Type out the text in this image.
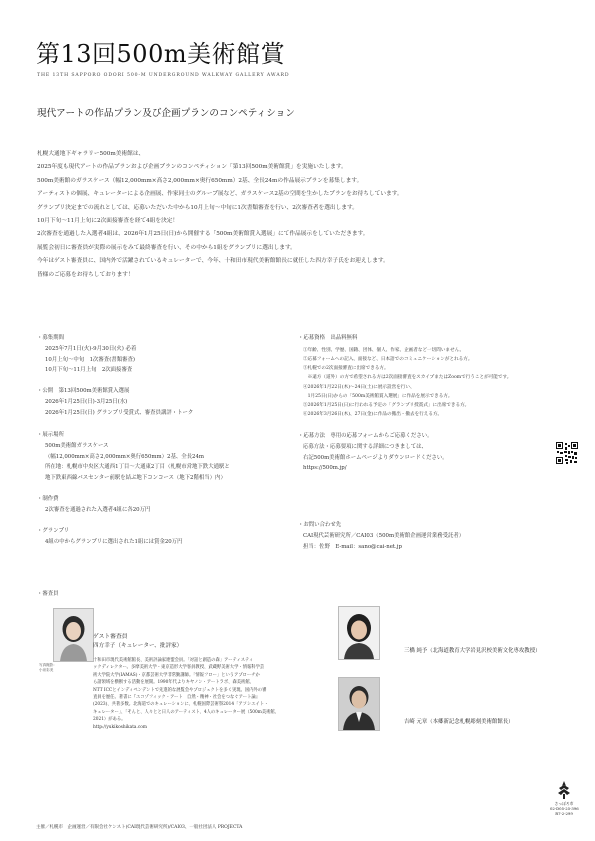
第13回500m美術館賞
THE 13TH SAPPORO ODORI 500-M UNDERGROUND WALKWAY GALLERY AWARD
現代アートの作品プラン及び企画プランのコンペティション

札幌大通地下ギャラリー500m美術館は、

2025年度も現代アートの作品プランおよび企画プランのコンペティション「第13回500m美術館賞」を実施いたします。

500m美術館のガラスケース（幅12,000mm×高さ2,000mm×奥行650mm）2基、全長24mの作品展示プランを募集します。

アーティストの個展、キュレーターによる企画展、作家同士のグループ展など、ガラスケース2基の空間を生かしたプランをお待ちしています。

グランプリ決定までの流れとしては、応募いただいた中から10月上旬〜中旬に1次書類審査を行い、2次審査者を選出します。

10月下旬〜11月上旬に2次面接審査を経て4組を決定！

2次審査を通過した入選者4組は、2026年1月25日(日)から開催する「500m美術館賞入選展」にて作品展示をしていただきます。

展覧会初日に審査員が実際の展示をみて最終審査を行い、その中から1組をグランプリに選出します。

今年はゲスト審査員に、国内外で活躍されているキュレーターで、今年、十和田市現代美術館館長に就任した四方幸子氏をお迎えします。

皆様のご応募をお待ちしております！

・募集期間

2025年7月1日(火)-9月30日(火) 必着

10月上旬〜中旬　1次審査(書類審査)

10月下旬〜11月上旬　2次面接審査

・公開　第13回500m美術館賞入選展

2026年1月25日(日)-3月25日(水)

2026年1月25日(日) グランプリ受賞式、審査員講評・トーク

・展示場所

500m美術館ガラスケース

（幅12,000mm×高さ2,000mm×奥行650mm）2基、全長24m

所在地：札幌市中央区大通西1丁目〜大通東2丁目（札幌市営地下鉄大通駅と

地下鉄東西線バスセンター前駅を結ぶ地下コンコース（地下2階相当）内）

・制作費

2次審査を通過された入選者4組に各20万円

・グランプリ

4組の中からグランプリに選出された1組には賞金20万円

・応募資格　出品料無料

①年齢、性別、学歴、国籍、団体、個人、作家、企画者など一切問いません。

②応募フォームへの記入、面接など、日本語でのコミュニケーションがとれる方。

③札幌での2次面接審査に出席できる方。

　※遠方（道外）の方で希望される方は2次面接審査をスカイプまたはZoomで行うことが可能です。

④2026年1月22日(木)〜24日(土)に展示設営を行い、

　1月25日(日)からの「500m美術館賞入選展」に作品を展示できる方。

⑤2026年1月25日(日)に行われる予定の「グランプリ授賞式」に出席できる方。

⑥2026年3月26日(木)、27日(金)に作品の搬出・撤去を行える方。

・応募方法　専用の応募フォームからご応募ください。

応募方法・応募要項に関する詳細につきましては、

右記500m美術館ホームページよりダウンロードください。

https://500m.jp/

・お問い合わせ先

CAI現代芸術研究所／CAI03（500m美術館企画運営業務受託者）

担当：佐野　E-mail：sano@cai-net.jp

・審査員

写真撮影:

小泉彩美

ゲスト審査員
四方幸子（キュレーター、批評家）

十和田市現代美術館館長、美術評論家連盟会員。「対話と創造の森」アーティスティ

ックディレクター。多摩美術大学・東京造形大学客員教授、武蔵野美術大学・情報科学芸

術大学院大学(IAMAS)・京都芸術大学非常勤講師。「情報フロー」というアプローチか

ら諸領域を横断する活動を展開。1990年代よりキヤノン・アートラボ、森美術館、

NTT ICCとインディペンデントで先進的な展覧会やプロジェクトを多く実現。国内外の審

査員を歴任。著書に『エコゾフィック・アート　自然・精神・社会をつなぐアート論』

(2023)、共著多数。北海道でのキュレーションに、札幌国際芸術祭2014「アソシエイト・

キュレーター」、「そんと、人々とと日人のアーティスト、4人のキュレーター展（500m美術館、

2021）がある。

http://yukikoshikata.com

三橋 純予（北海道教育大学岩見沢校美術文化専攻教授）
吉崎 元章（本郷新記念札幌彫刻美術館館長）
主催／札幌市　企画運営／有限会社ケンスト(CAI現代芸術研究所)/CAI03、一般社団法人 PROJECTA

さっぽろ市

02-D05-25-396

R7-2-299
